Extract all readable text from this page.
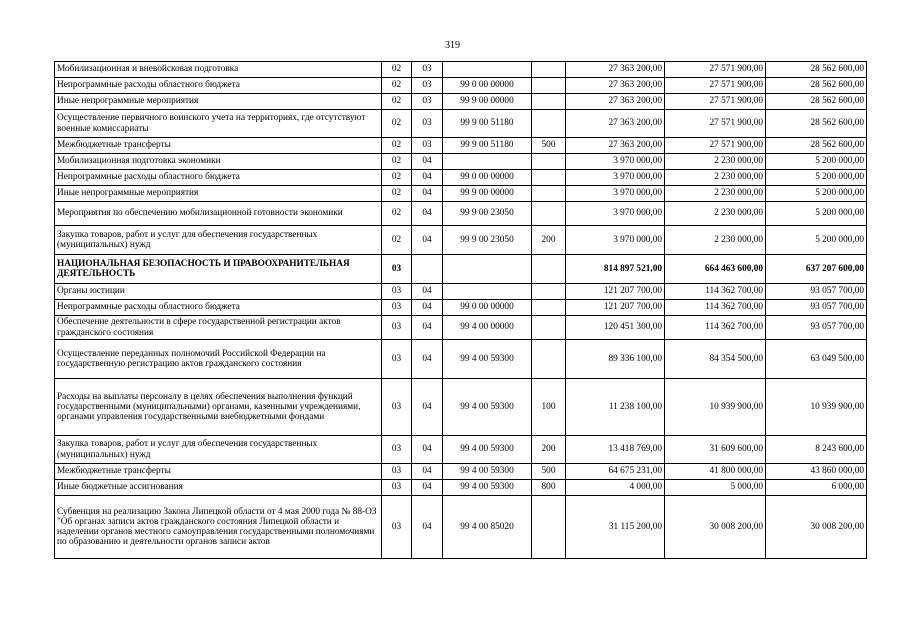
319
Мобилизационная и вневойсковая подготовка	02	03			27 363 200,00	27 571 900,00	28 562 600,00
Непрограммные расходы областного бюджета	02	03	99 0 00 00000		27 363 200,00	27 571 900,00	28 562 600,00
Иные непрограммные мероприятия	02	03	99 9 00 00000		27 363 200,00	27 571 900,00	28 562 600,00
Осуществление первичного воинского учета на территориях, где отсутствуют военные комиссариаты	02	03	99 9 00 51180		27 363 200,00	27 571 900,00	28 562 600,00
Межбюджетные трансферты	02	03	99 9 00 51180	500	27 363 200,00	27 571 900,00	28 562 600,00
Мобилизационная подготовка экономики	02	04			3 970 000,00	2 230 000,00	5 200 000,00
Непрограммные расходы областного бюджета	02	04	99 0 00 00000		3 970 000,00	2 230 000,00	5 200 000,00
Иные непрограммные мероприятия	02	04	99 9 00 00000		3 970 000,00	2 230 000,00	5 200 000,00
Мероприятия по обеспечению мобилизационной готовности экономики	02	04	99 9 00 23050		3 970 000,00	2 230 000,00	5 200 000,00
Закупка товаров, работ и услуг для обеспечения государственных (муниципальных) нужд	02	04	99 9 00 23050	200	3 970 000,00	2 230 000,00	5 200 000,00
НАЦИОНАЛЬНАЯ БЕЗОПАСНОСТЬ И ПРАВООХРАНИТЕЛЬНАЯ ДЕЯТЕЛЬНОСТЬ	03				814 897 521,00	664 463 600,00	637 207 600,00
Органы юстиции	03	04			121 207 700,00	114 362 700,00	93 057 700,00
Непрограммные расходы областного бюджета	03	04	99 0 00 00000		121 207 700,00	114 362 700,00	93 057 700,00
Обеспечение деятельности в сфере государственной регистрации актов гражданского состояния	03	04	99 4 00 00000		120 451 300,00	114 362 700,00	93 057 700,00
Осуществление переданных полномочий Российской Федерации на государственную регистрацию актов гражданского состояния	03	04	99 4 00 59300		89 336 100,00	84 354 500,00	63 049 500,00
Расходы на выплаты персоналу в целях обеспечения выполнения функций государственными (муниципальными) органами, казенными учреждениями, органами управления государственными внебюджетными фондами	03	04	99 4 00 59300	100	11 238 100,00	10 939 900,00	10 939 900,00
Закупка товаров, работ и услуг для обеспечения государственных (муниципальных) нужд	03	04	99 4 00 59300	200	13 418 769,00	31 609 600,00	8 243 600,00
Межбюджетные трансферты	03	04	99 4 00 59300	500	64 675 231,00	41 800 000,00	43 860 000,00
Иные бюджетные ассигнования	03	04	99 4 00 59300	800	4 000,00	5 000,00	6 000,00
Субвенция на реализацию Закона Липецкой области от 4 мая 2000 года № 88-ОЗ "Об органах записи актов гражданского состояния Липецкой области и наделении органов местного самоуправления государственными полномочиями по образованию и деятельности органов записи актов	03	04	99 4 00 85020		31 115 200,00	30 008 200,00	30 008 200,00
